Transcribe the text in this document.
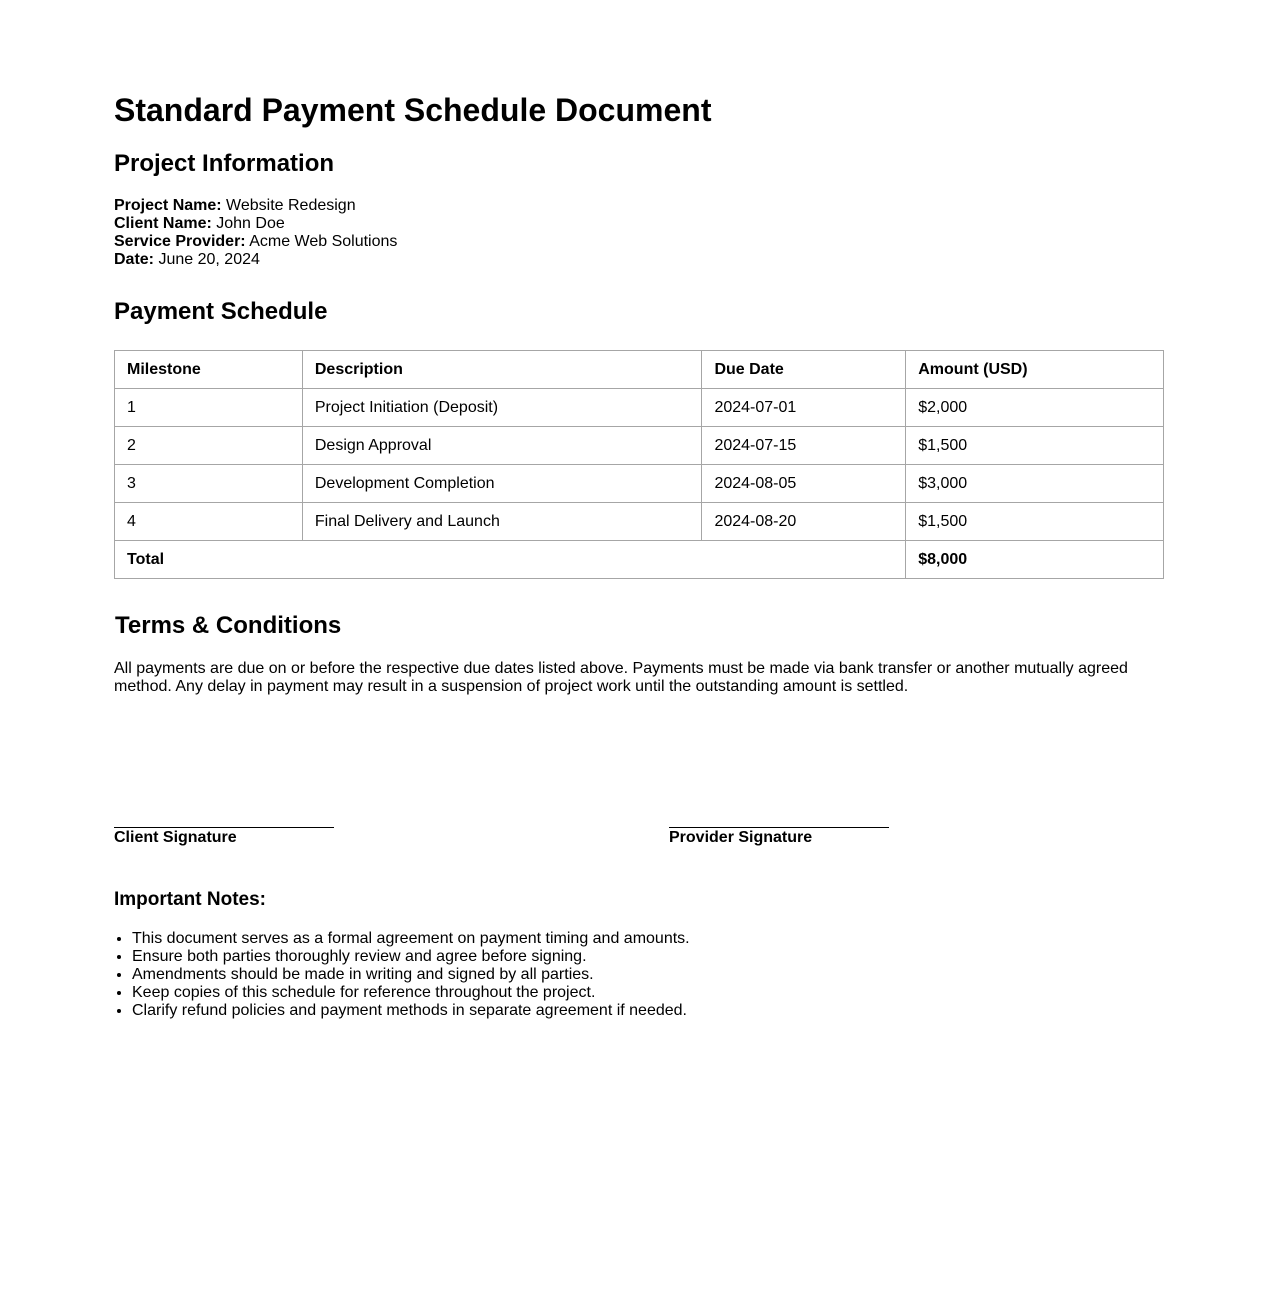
Standard Payment Schedule Document
Project Information
Project Name: Website Redesign
Client Name: John Doe
Service Provider: Acme Web Solutions
Date: June 20, 2024
Payment Schedule
Milestone	Description	Due Date	Amount (USD)
1	Project Initiation (Deposit)	2024-07-01	$2,000
2	Design Approval	2024-07-15	$1,500
3	Development Completion	2024-08-05	$3,000
4	Final Delivery and Launch	2024-08-20	$1,500
Total			$8,000
Terms & Conditions

All payments are due on or before the respective due dates listed above. Payments must be made via bank transfer or another mutually agreed method. Any delay in payment may result in a suspension of project work until the outstanding amount is settled.

Client Signature	Provider Signature
Important Notes:
• This document serves as a formal agreement on payment timing and amounts.
• Ensure both parties thoroughly review and agree before signing.
• Amendments should be made in writing and signed by all parties.
• Keep copies of this schedule for reference throughout the project.
• Clarify refund policies and payment methods in separate agreement if needed.
